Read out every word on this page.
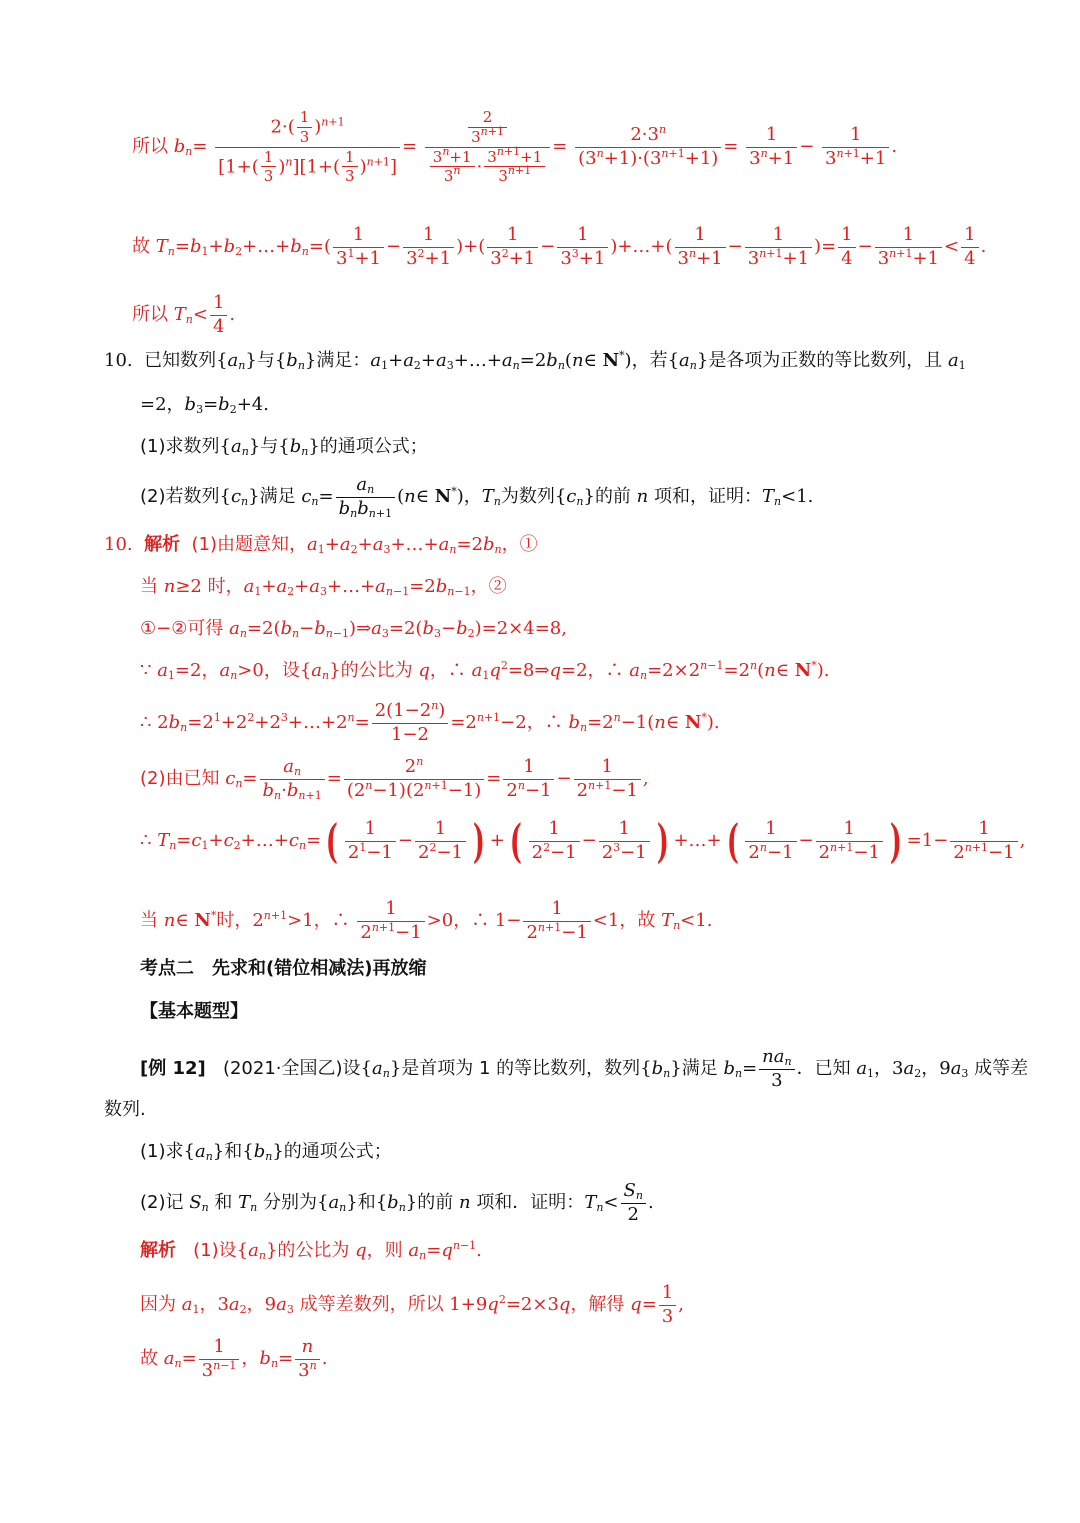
所以 $b_n= \frac{2\cdot( \frac{1}{3} )^{n+1}}{[1+( \frac{1}{3} )^n][1+( \frac{1}{3} )^{n+1}]} = \frac{\frac{2}{3^{n+1}}}{\frac{3^n+1}{3^n} \cdot \frac{3^{n+1}+1}{3^{n+1}}} = \frac{2\cdot 3^n}{(3^n+1)\cdot(3^{n+1}+1)} = \frac{1}{3^n+1} - \frac{1}{3^{n+1}+1}$ .
故 $T_n=b_1+b_2+\dots+b_n=( \frac{1}{3^1+1} - \frac{1}{3^2+1}$ )+( $\frac{1}{3^2+1} - \frac{1}{3^3+1}$ )+…+( $\frac{1}{3^n+1} - \frac{1}{3^{n+1}+1}$ )= $\frac{1}{4} - \frac{1}{3^{n+1}+1} < \frac{1}{4}$ .
所以 $T_n< \frac{1}{4}$ .
10. 已知数列$\{a_n\}$与$\{b_n\}$满足：$a_1+a_2+a_3+\dots+a_n=2b_n(n\in$ N*)，若$\{a_n\}$是各项为正数的等比数列，且 $a_1$
=2，$b_3=b_2+4$.
(1)求数列$\{a_n\}$与$\{b_n\}$的通项公式；
(2)若数列$\{c_n\}$满足 $c_n= \frac{a_n}{b_nb_{n+1}}$ (n∈ N*)，$T_n$为数列$\{c_n\}$的前 n 项和，证明：$T_n<1$.
10. 解析 (1)由题意知，$a_1+a_2+a_3+\dots+a_n=2b_n$，①
当 n≥2 时，$a_1+a_2+a_3+\dots+a_{n-1}=2b_{n-1}$，②
①−②可得 $a_n=2(b_n-b_{n-1})\Rightarrow a_3=2(b_3-b_2)=2\times 4=8$,
∵ $a_1=2$，$a_n>0$，设$\{a_n\}$的公比为 q，∴ $a_1q^2=8\Rightarrow q=2$，∴ $a_n=2\times 2^{n-1}=2^n(n\in$ N*).
∴ $2b_n=2^1+2^2+2^3+\dots+2^n= \frac{2(1-2^n)}{1-2} =2^{n+1}-2$，∴ $b_n=2^n-1(n\in$ N*).
(2)由已知 $c_n= \frac{a_n}{b_n\cdot b_{n+1}} = \frac{2^n}{(2^n-1)(2^{n+1}-1)} = \frac{1}{2^n-1} - \frac{1}{2^{n+1}-1}$ ,
∴ $T_n=c_1+c_2+\dots+c_n=$ ( $\frac{1}{2^1-1} - \frac{1}{2^2-1}$ ) + ( $\frac{1}{2^2-1} - \frac{1}{2^3-1}$ ) +…+ ( $\frac{1}{2^n-1} - \frac{1}{2^{n+1}-1}$ ) $=1- \frac{1}{2^{n+1}-1}$ ,
当 n∈ N*时，$2^{n+1}>1$，∴ $\frac{1}{2^{n+1}-1} >0$，∴ $1- \frac{1}{2^{n+1}-1} <1$，故 $T_n<1$.
考点二　先求和(错位相减法)再放缩
【基本题型】
[例 12] (2021·全国乙)设$\{a_n\}$是首项为 1 的等比数列，数列$\{b_n\}$满足 $b_n= \frac{na_n}{3}$ ．已知 $a_1$，$3a_2$，$9a_3$ 成等差
数列.
(1)求$\{a_n\}$和$\{b_n\}$的通项公式；
(2)记 $S_n$ 和 $T_n$ 分别为$\{a_n\}$和$\{b_n\}$的前 n 项和．证明：$T_n< \frac{S_n}{2}$ .
解析 (1)设$\{a_n\}$的公比为 q，则 $a_n=q^{n-1}$.
因为 $a_1$，$3a_2$，$9a_3$ 成等差数列，所以 $1+9q^2=2\times 3q$，解得 $q= \frac{1}{3}$ ,
故 $a_n= \frac{1}{3^{n-1}}$ ，$b_n= \frac{n}{3^n}$ .
